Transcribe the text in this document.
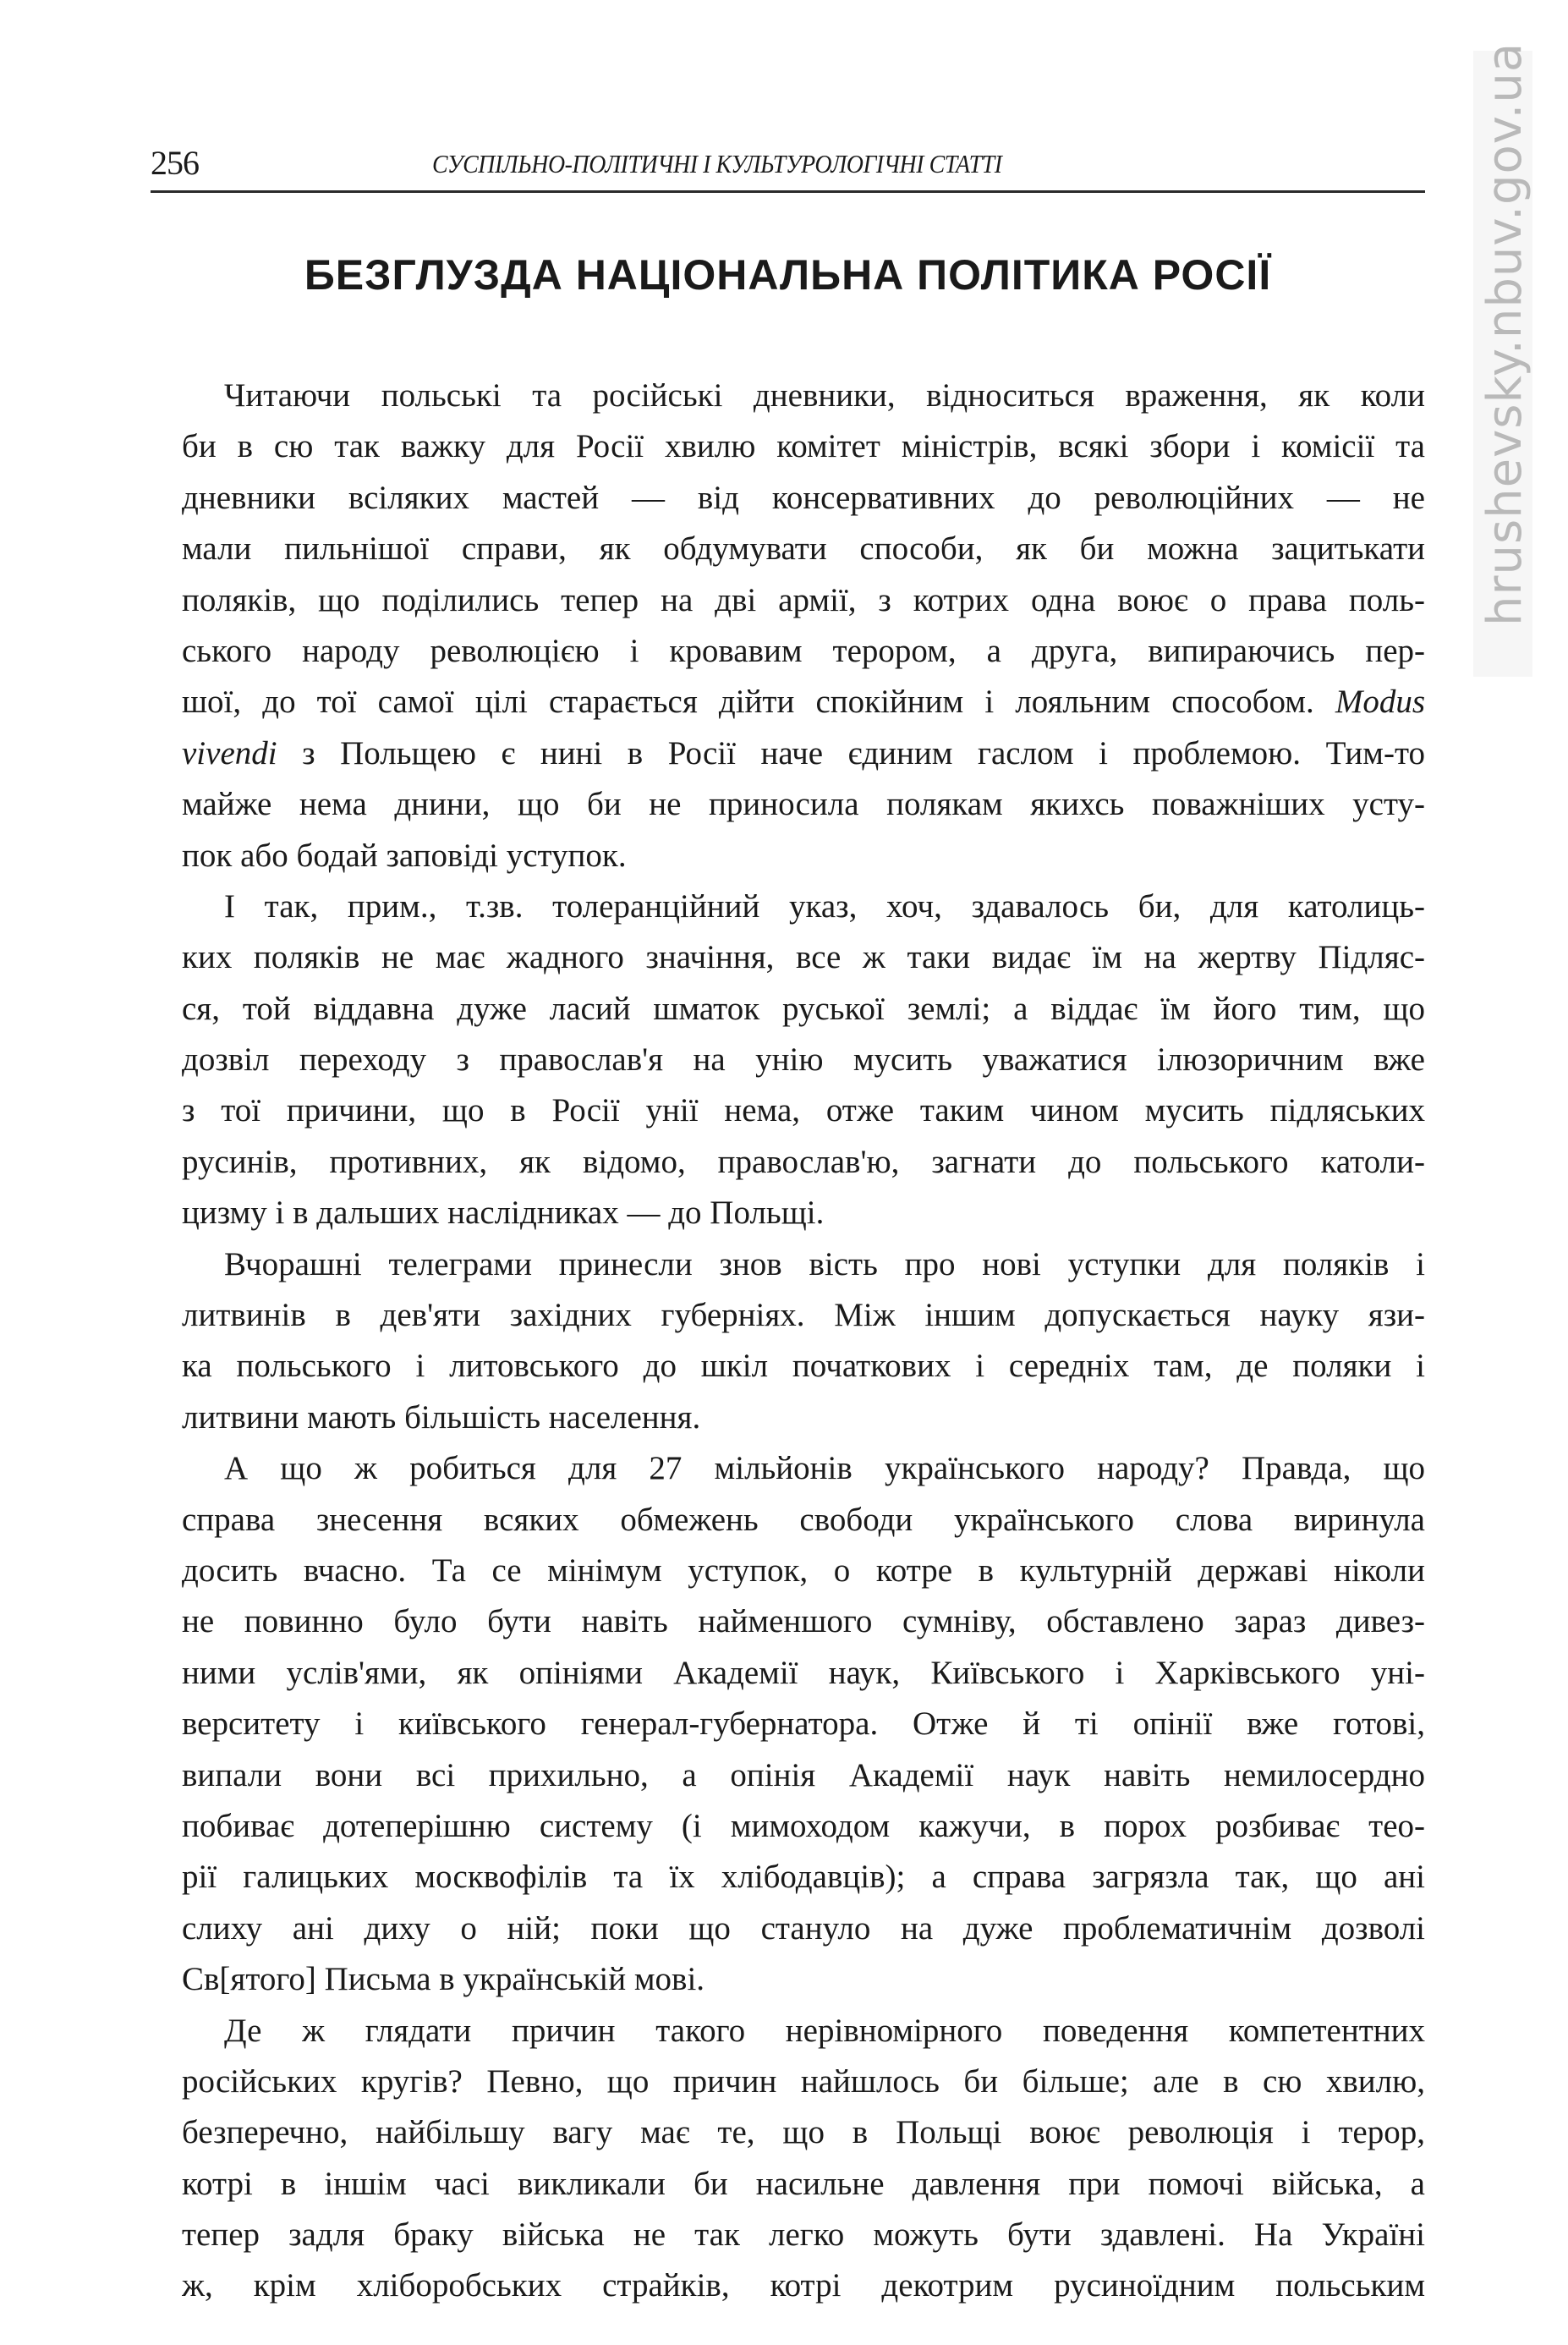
256	СУСПІЛЬНО-ПОЛІТИЧНІ І КУЛЬТУРОЛОГІЧНІ СТАТТІ
БЕЗГЛУЗДА НАЦІОНАЛЬНА ПОЛІТИКА РОСІЇ
Читаючи польські та російські дневники, відноситься враження, як коли
би в сю так важку для Росії хвилю комітет міністрів, всякі збори і комісії та
дневники всіляких мастей — від консервативних до революційних — не
мали пильнішої справи, як обдумувати способи, як би можна зацитькати
поляків, що поділились тепер на дві армії, з котрих одна воює о права поль-
ського народу революцією і кровавим терором, а друга, випираючись пер-
шої, до тої самої цілі старається дійти спокійним і лояльним способом. Modus
vivendi з Польщею є нині в Росії наче єдиним гаслом і проблемою. Тим-то
майже нема днини, що би не приносила полякам якихсь поважніших усту-
пок або бодай заповіді уступок.
І так, прим., т.зв. толеранційний указ, хоч, здавалось би, для католиць-
ких поляків не має жадного значіння, все ж таки видає їм на жертву Підляс-
ся, той віддавна дуже ласий шматок руської землі; а віддає їм його тим, що
дозвіл переходу з православ'я на унію мусить уважатися ілюзоричним вже
з тої причини, що в Росії унії нема, отже таким чином мусить підляських
русинів, противних, як відомо, православ'ю, загнати до польського католи-
цизму і в дальших наслідниках — до Польщі.
Вчорашні телеграми принесли знов вість про нові уступки для поляків і
литвинів в дев'яти західних губерніях. Між іншим допускається науку язи-
ка польського і литовського до шкіл початкових і середніх там, де поляки і
литвини мають більшість населення.
А що ж робиться для 27 мільйонів українського народу? Правда, що
справа знесення всяких обмежень свободи українського слова виринула
досить вчасно. Та се мінімум уступок, о котре в культурній державі ніколи
не повинно було бути навіть найменшого сумніву, обставлено зараз дивез-
ними услів'ями, як опініями Академії наук, Київського і Харківського уні-
верситету і київського генерал-губернатора. Отже й ті опінії вже готові,
випали вони всі прихильно, а опінія Академії наук навіть немилосердно
побиває дотеперішню систему (і мимоходом кажучи, в порох розбиває тео-
рії галицьких москвофілів та їх хлібодавців); а справа загрязла так, що ані
слиху ані диху о ній; поки що стануло на дуже проблематичнім дозволі
Св[ятого] Письма в українській мові.
Де ж глядати причин такого нерівномірного поведення компетентних
російських кругів? Певно, що причин найшлось би більше; але в сю хвилю,
безперечно, найбільшу вагу має те, що в Польщі воює революція і терор,
котрі в іншім часі викликали би насильне давлення при помочі війська, а
тепер задля браку війська не так легко можуть бути здавлені. На Україні
ж, крім хліборобських страйків, котрі декотрим русиноїдним польським
hrushevsky.nbuv.gov.ua
